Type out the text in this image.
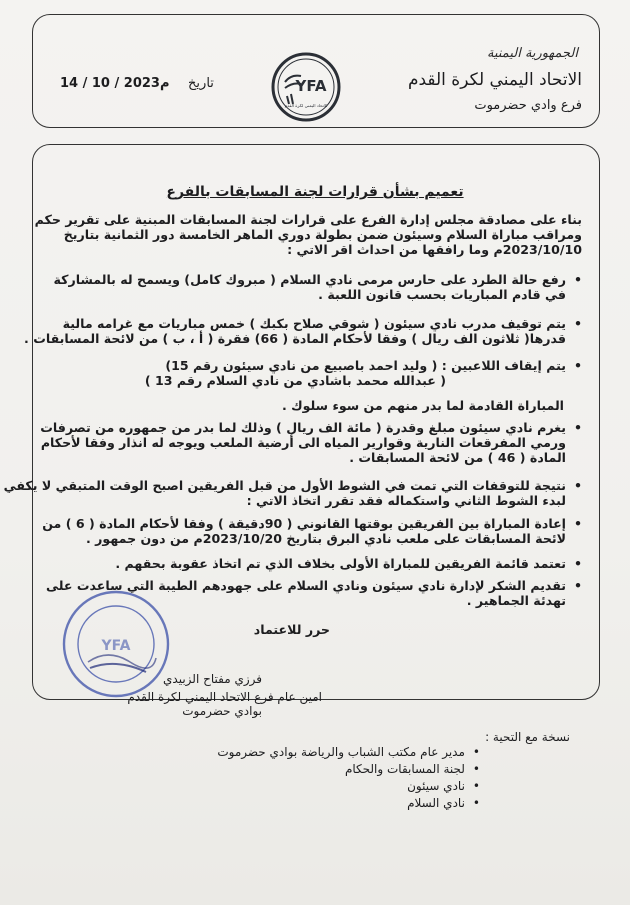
الجمهورية اليمنية
الاتحاد اليمني لكرة القدم
فرع وادي حضرموت
تاريخ 14 / 10 / 2023م	YFA
الاتحاد اليمني لكرة القدم
تعميم بشأن قرارات لجنة المسابقات بالفرع
بناء على مصادقة مجلس إدارة الفرع على قرارات لجنة المسابقات المبنية على تقرير حكم
ومراقب مباراة السلام وسيئون ضمن بطولة دوري الماهر الخامسة دور الثمانية بتاريخ
2023/10/10م وما رافقها من احداث اقر الاتي :
•
رفع حالة الطرد على حارس مرمى نادي السلام ( مبروك كامل) ويسمح له بالمشاركة
في قادم المباريات بحسب قانون اللعبة .
•
يتم توقيف مدرب نادي سيئون ( شوقي صلاح بكبك ) خمس مباريات مع غرامه مالية
قدرها( ثلاثون الف ريال ) وفقا لأحكام المادة ( 66) فقرة ( أ ، ب ) من لائحة المسابقات .
•
يتم إيقاف اللاعبين : ( وليد احمد باصبيع من نادي سيئون رقم 15)
( عبدالله محمد باشادي من نادي السلام رقم 13 )
المباراة القادمة لما بدر منهم من سوء سلوك .
•
يغرم نادي سيئون مبلغ وقدرة ( مائة الف ريال ) وذلك لما بدر من جمهوره من تصرفات
ورمي المفرقعات النارية وقوارير المياه الى أرضية الملعب ويوجه له انذار وفقا لأحكام
المادة ( 46 ) من لائحة المسابقات .
•
نتيجة للتوقفات التي تمت في الشوط الأول من قبل الفريقين اصبح الوقت المتبقي لا يكفي
لبدء الشوط الثاني واستكماله فقد تقرر اتخاذ الاتي :
•
إعادة المباراة بين الفريقين بوقتها القانوني ( 90دقيقة ) وفقا لأحكام المادة ( 6 ) من
لائحة المسابقات على ملعب نادي البرق بتاريخ 2023/10/20م من دون جمهور .
•
تعتمد قائمة الفريقين للمباراة الأولى بخلاف الذي تم اتخاذ عقوبة بحقهم .
•
تقديم الشكر لإدارة نادي سيئون ونادي السلام على جهودهم الطيبة التي ساعدت على
تهدئة الجماهير .
حرر للاعتماد
YFA
فرزي مفتاح الزبيدي
امين عام فرع الاتحاد اليمني لكرة القدم
بوادي حضرموت
نسخة مع التحية :
• مدير عام مكتب الشباب والرياضة بوادي حضرموت
• لجنة المسابقات والحكام
• نادي سيئون
• نادي السلام
